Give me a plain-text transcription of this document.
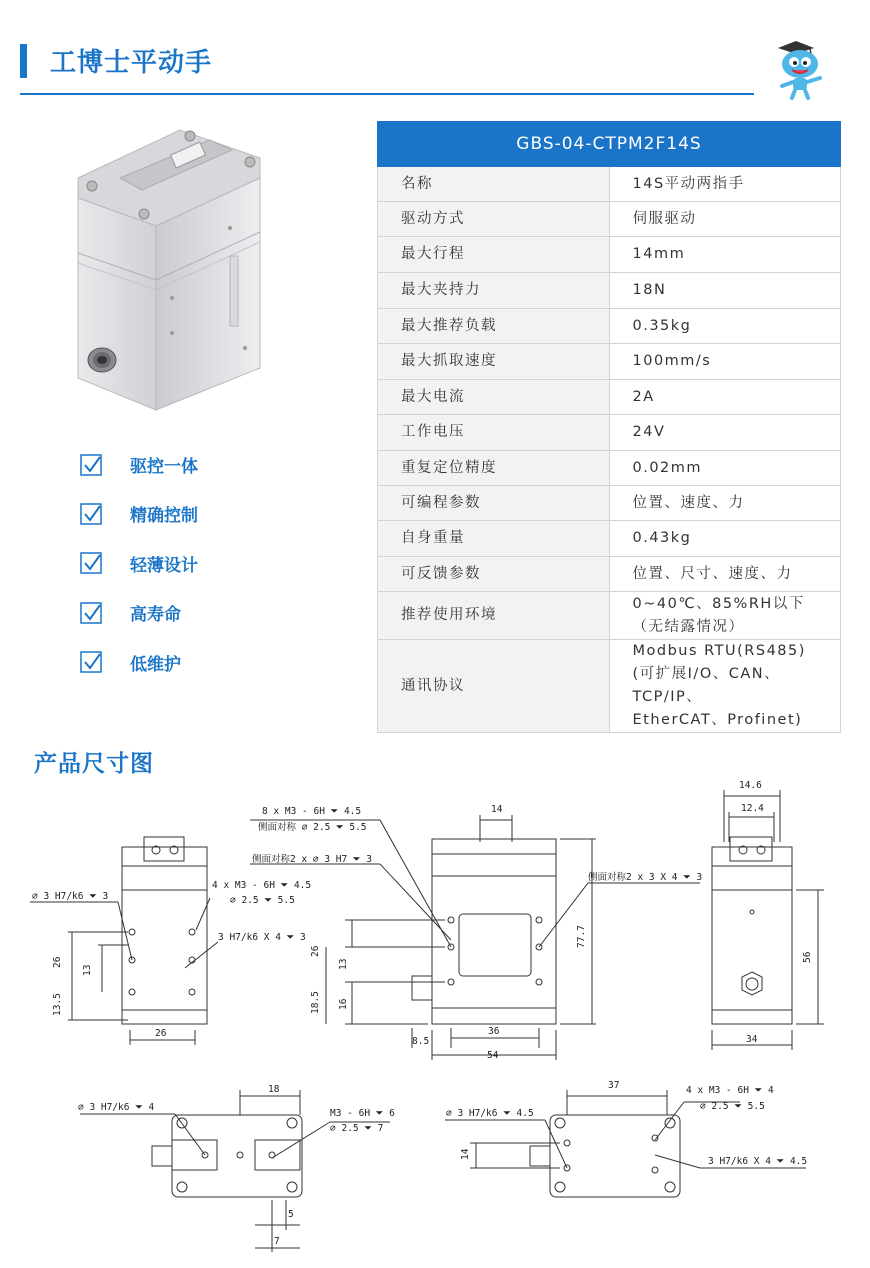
工博士平动手
驱控一体
精确控制
轻薄设计
高寿命
低维护
GBS-04-CTPM2F14S	
名称	14S平动两指手
驱动方式	伺服驱动
最大行程	14mm
最大夹持力	18N
最大推荐负载	0.35kg
最大抓取速度	100mm/s
最大电流	2A
工作电压	24V
重复定位精度	0.02mm
可编程参数	位置、速度、力
自身重量	0.43kg
可反馈参数	位置、尺寸、速度、力
推荐使用环境	0~40℃、85%RH以下
（无结露情况）
通讯协议	Modbus RTU(RS485)
(可扩展I/O、CAN、TCP/IP、
EtherCAT、Profinet)
产品尺寸图
8 x M3 - 6H ⏷ 4.5
侧面对称 ∅ 2.5 ⏷ 5.5
14
侧面对称2 x ∅ 3 H7 ⏷ 3
侧面对称2 x 3 X 4 ⏷ 3
14.6
12.4
∅ 3 H7/k6 ⏷ 3
4 x M3 - 6H ⏷ 4.5
∅ 2.5 ⏷ 5.5
3 H7/k6 X 4 ⏷ 3
26
13
13.5
26
26
13
18.5 16
77.7
36
8.5
54
56
34
18
∅ 3 H7/k6 ⏷ 4
M3 - 6H ⏷ 6
∅ 2.5 ⏷ 7
5
7
37	4 x M3 - 6H ⏷ 4
∅ 2.5 ⏷ 5.5
∅ 3 H7/k6 ⏷ 4.5
14
3 H7/k6 X 4 ⏷ 4.5
